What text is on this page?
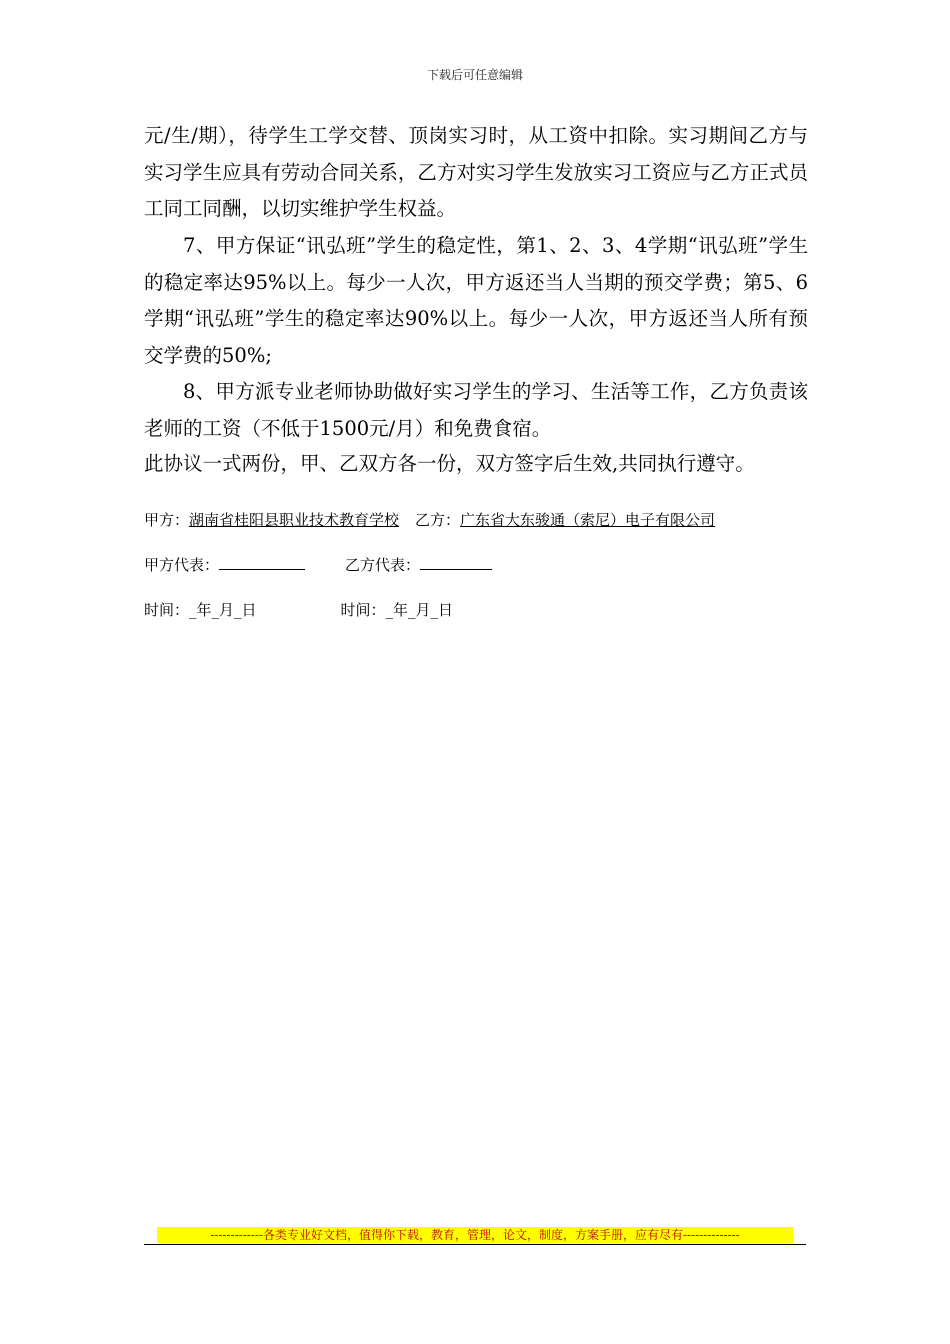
下载后可任意编辑

元/生/期），待学生工学交替、顶岗实习时，从工资中扣除。实习期间乙方与实习学生应具有劳动合同关系，乙方对实习学生发放实习工资应与乙方正式员工同工同酬，以切实维护学生权益。

7、甲方保证“讯弘班”学生的稳定性，第1、2、3、4学期“讯弘班”学生的稳定率达95%以上。每少一人次，甲方返还当人当期的预交学费；第5、6学期“讯弘班”学生的稳定率达90%以上。每少一人次，甲方返还当人所有预交学费的50%;

8、甲方派专业老师协助做好实习学生的学习、生活等工作，乙方负责该老师的工资（不低于1500元/月）和免费食宿。

此协议一式两份，甲、乙双方各一份，双方签字后生效,共同执行遵守。
甲方：湖南省桂阳县职业技术教育学校 乙方：广东省大东骏通（索尼）电子有限公司
甲方代表：	乙方代表：
时间：_年_月_日	时间：_年_月_日
-------------各类专业好文档，值得你下载，教育，管理，论文，制度，方案手册，应有尽有--------------
